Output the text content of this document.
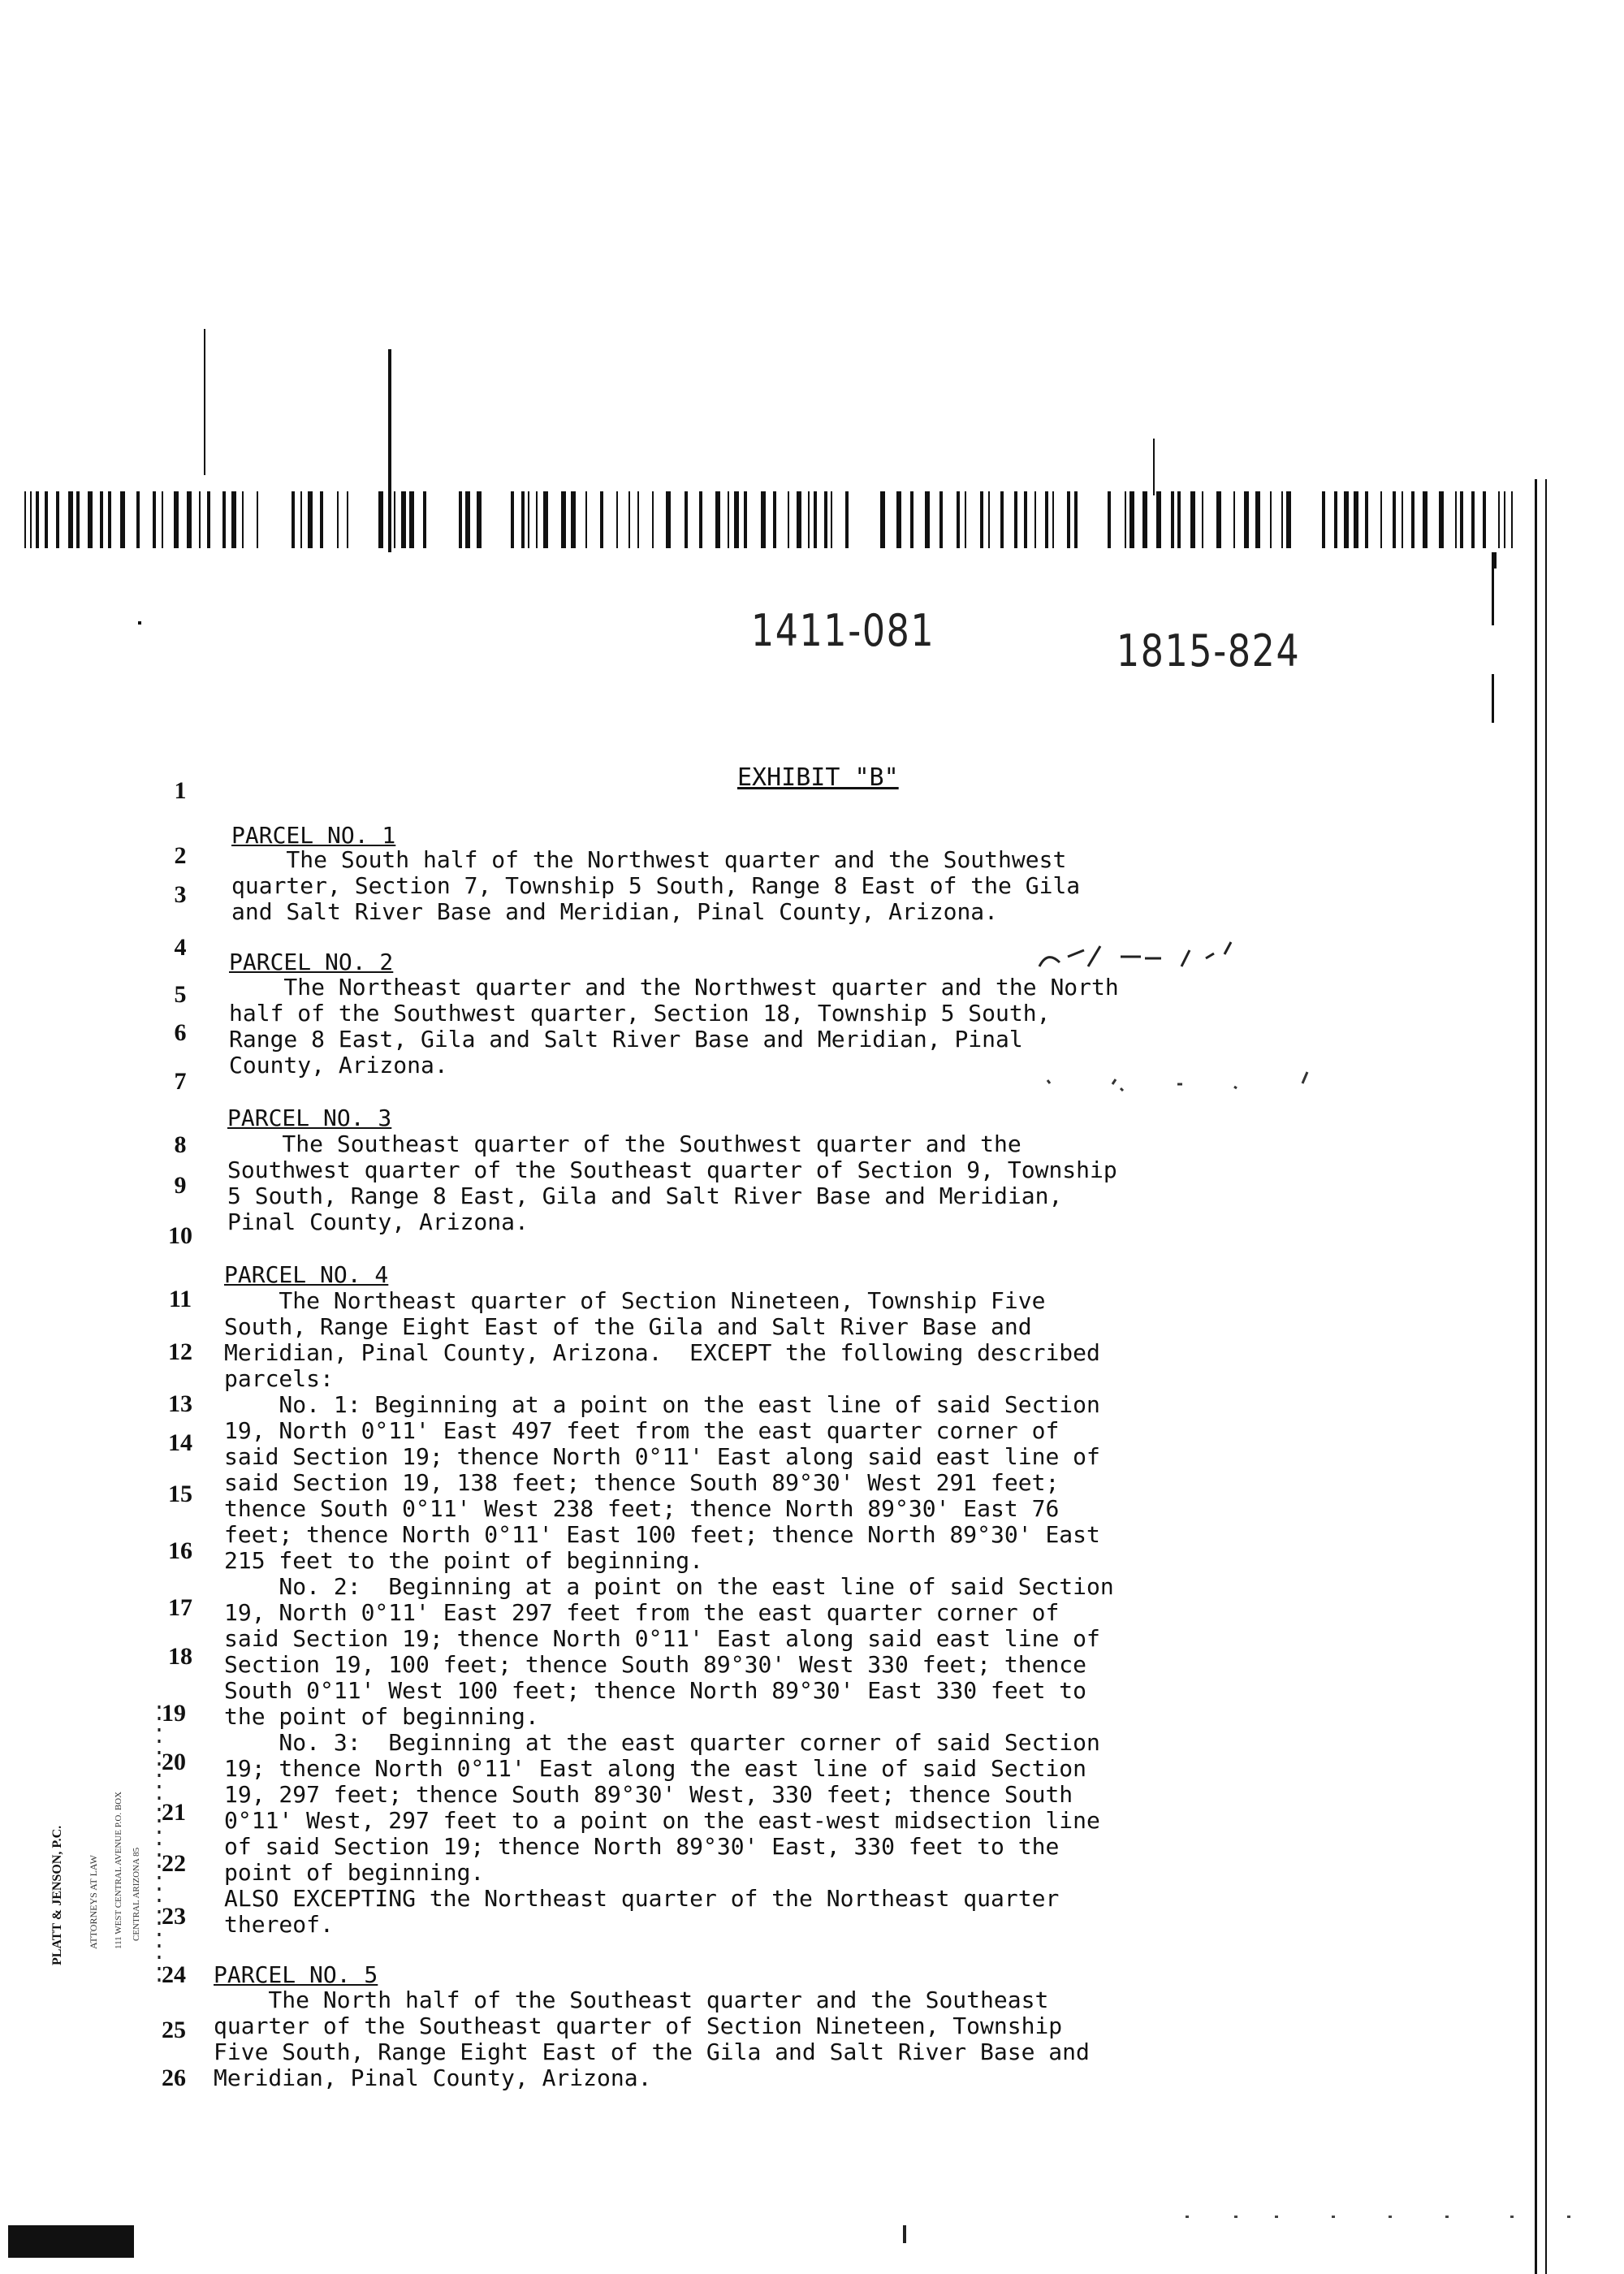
1411-081	1815-824
EXHIBIT "B"
1
2
3
4
5
6
7
8
9
10
11
12
13
14
15
16
17
18
19
20
21
22
23
24
25
26
PARCEL NO. 1
The South half of the Northwest quarter and the Southwest
quarter, Section 7, Township 5 South, Range 8 East of the Gila
and Salt River Base and Meridian, Pinal County, Arizona.
PARCEL NO. 2
The Northeast quarter and the Northwest quarter and the North
half of the Southwest quarter, Section 18, Township 5 South,
Range 8 East, Gila and Salt River Base and Meridian, Pinal
County, Arizona.
PARCEL NO. 3
The Southeast quarter of the Southwest quarter and the
Southwest quarter of the Southeast quarter of Section 9, Township
5 South, Range 8 East, Gila and Salt River Base and Meridian,
Pinal County, Arizona.
PARCEL NO. 4
The Northeast quarter of Section Nineteen, Township Five
South, Range Eight East of the Gila and Salt River Base and
Meridian, Pinal County, Arizona.  EXCEPT the following described
parcels:
No. 1: Beginning at a point on the east line of said Section
19, North 0°11' East 497 feet from the east quarter corner of
said Section 19; thence North 0°11' East along said east line of
said Section 19, 138 feet; thence South 89°30' West 291 feet;
thence South 0°11' West 238 feet; thence North 89°30' East 76
feet; thence North 0°11' East 100 feet; thence North 89°30' East
215 feet to the point of beginning.
No. 2:  Beginning at a point on the east line of said Section
19, North 0°11' East 297 feet from the east quarter corner of
said Section 19; thence North 0°11' East along said east line of
Section 19, 100 feet; thence South 89°30' West 330 feet; thence
South 0°11' West 100 feet; thence North 89°30' East 330 feet to
the point of beginning.
No. 3:  Beginning at the east quarter corner of said Section
19; thence North 0°11' East along the east line of said Section
19, 297 feet; thence South 89°30' West, 330 feet; thence South
0°11' West, 297 feet to a point on the east-west midsection line
of said Section 19; thence North 89°30' East, 330 feet to the
point of beginning.
ALSO EXCEPTING the Northeast quarter of the Northeast quarter
thereof.
PARCEL NO. 5
The North half of the Southeast quarter and the Southeast
quarter of the Southeast quarter of Section Nineteen, Township
Five South, Range Eight East of the Gila and Salt River Base and
Meridian, Pinal County, Arizona.
PLATT & JENSON, P.C. ATTORNEYS AT LAW 111 WEST CENTRAL AVENUE P.O. BOX CENTRAL ARIZONA 85
